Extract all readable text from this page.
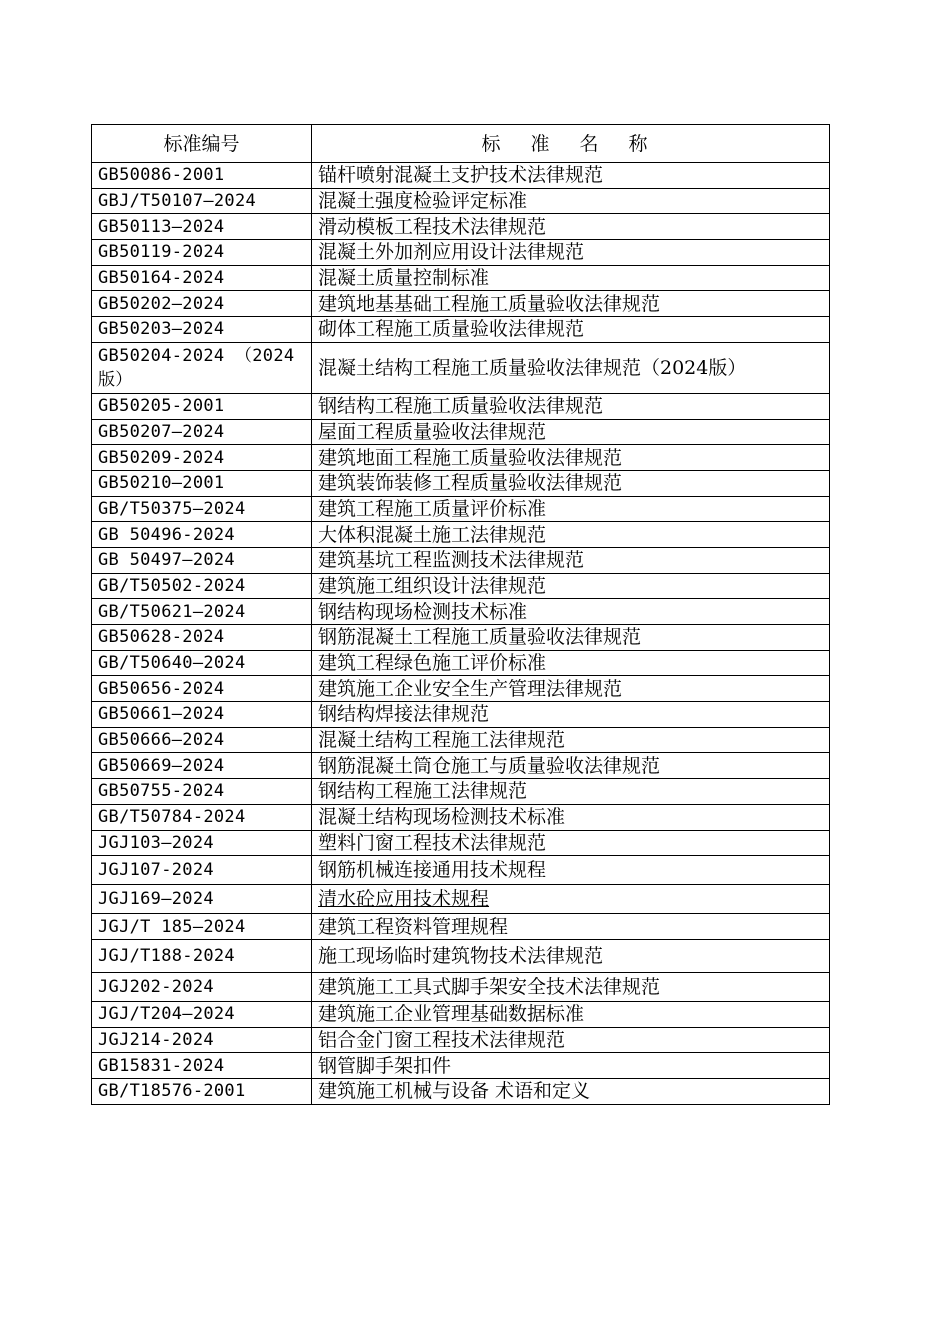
标准编号	标 准 名 称
GB50086-2001	锚杆喷射混凝土支护技术法律规范
GBJ/T50107—2024	混凝土强度检验评定标准
GB50113—2024	滑动模板工程技术法律规范
GB50119-2024	混凝土外加剂应用设计法律规范
GB50164-2024	混凝土质量控制标准
GB50202—2024	建筑地基基础工程施工质量验收法律规范
GB50203—2024	砌体工程施工质量验收法律规范
GB50204-2024 （2024版）	混凝土结构工程施工质量验收法律规范（2024版）
GB50205-2001	钢结构工程施工质量验收法律规范
GB50207—2024	屋面工程质量验收法律规范
GB50209-2024	建筑地面工程施工质量验收法律规范
GB50210—2001	建筑装饰装修工程质量验收法律规范
GB/T50375—2024	建筑工程施工质量评价标准
GB 50496-2024	大体积混凝土施工法律规范
GB 50497—2024	建筑基坑工程监测技术法律规范
GB/T50502-2024	建筑施工组织设计法律规范
GB/T50621—2024	钢结构现场检测技术标准
GB50628-2024	钢筋混凝土工程施工质量验收法律规范
GB/T50640—2024	建筑工程绿色施工评价标准
GB50656-2024	建筑施工企业安全生产管理法律规范
GB50661—2024	钢结构焊接法律规范
GB50666—2024	混凝土结构工程施工法律规范
GB50669—2024	钢筋混凝土筒仓施工与质量验收法律规范
GB50755-2024	钢结构工程施工法律规范
GB/T50784-2024	混凝土结构现场检测技术标准
JGJ103—2024	塑料门窗工程技术法律规范
JGJ107-2024	钢筋机械连接通用技术规程
JGJ169—2024	清水砼应用技术规程
JGJ/T 185—2024	建筑工程资料管理规程
JGJ/T188-2024	施工现场临时建筑物技术法律规范
JGJ202-2024	建筑施工工具式脚手架安全技术法律规范
JGJ/T204—2024	建筑施工企业管理基础数据标准
JGJ214-2024	铝合金门窗工程技术法律规范
GB15831-2024	钢管脚手架扣件
GB/T18576-2001	建筑施工机械与设备 术语和定义
